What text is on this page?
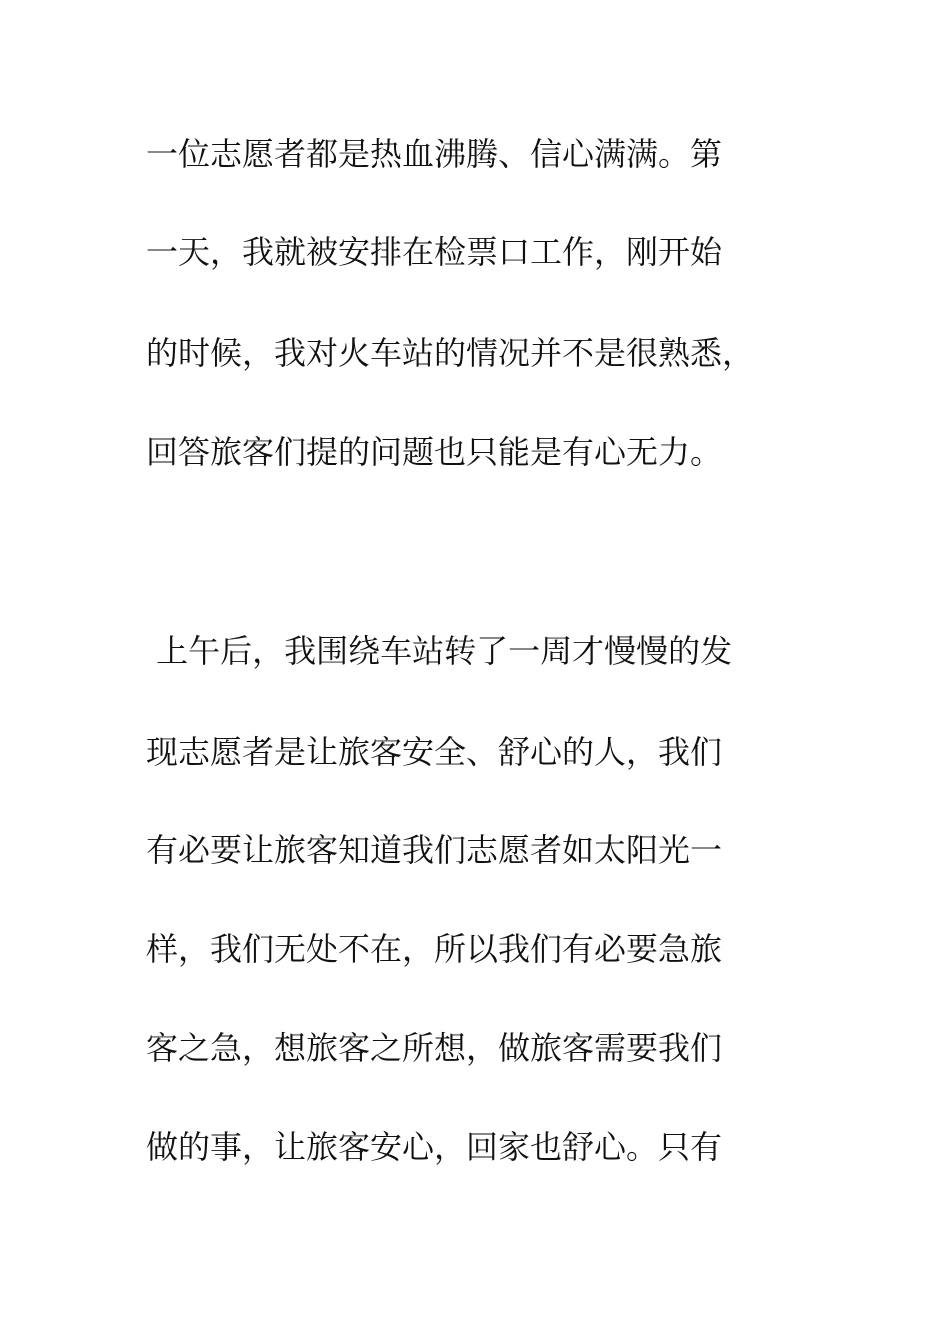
一位志愿者都是热血沸腾、信心满满。第
一天，我就被安排在检票口工作，刚开始
的时候，我对火车站的情况并不是很熟悉，
回答旅客们提的问题也只能是有心无力。
上午后，我围绕车站转了一周才慢慢的发
现志愿者是让旅客安全、舒心的人，我们
有必要让旅客知道我们志愿者如太阳光一
样，我们无处不在，所以我们有必要急旅
客之急，想旅客之所想，做旅客需要我们
做的事，让旅客安心，回家也舒心。只有
